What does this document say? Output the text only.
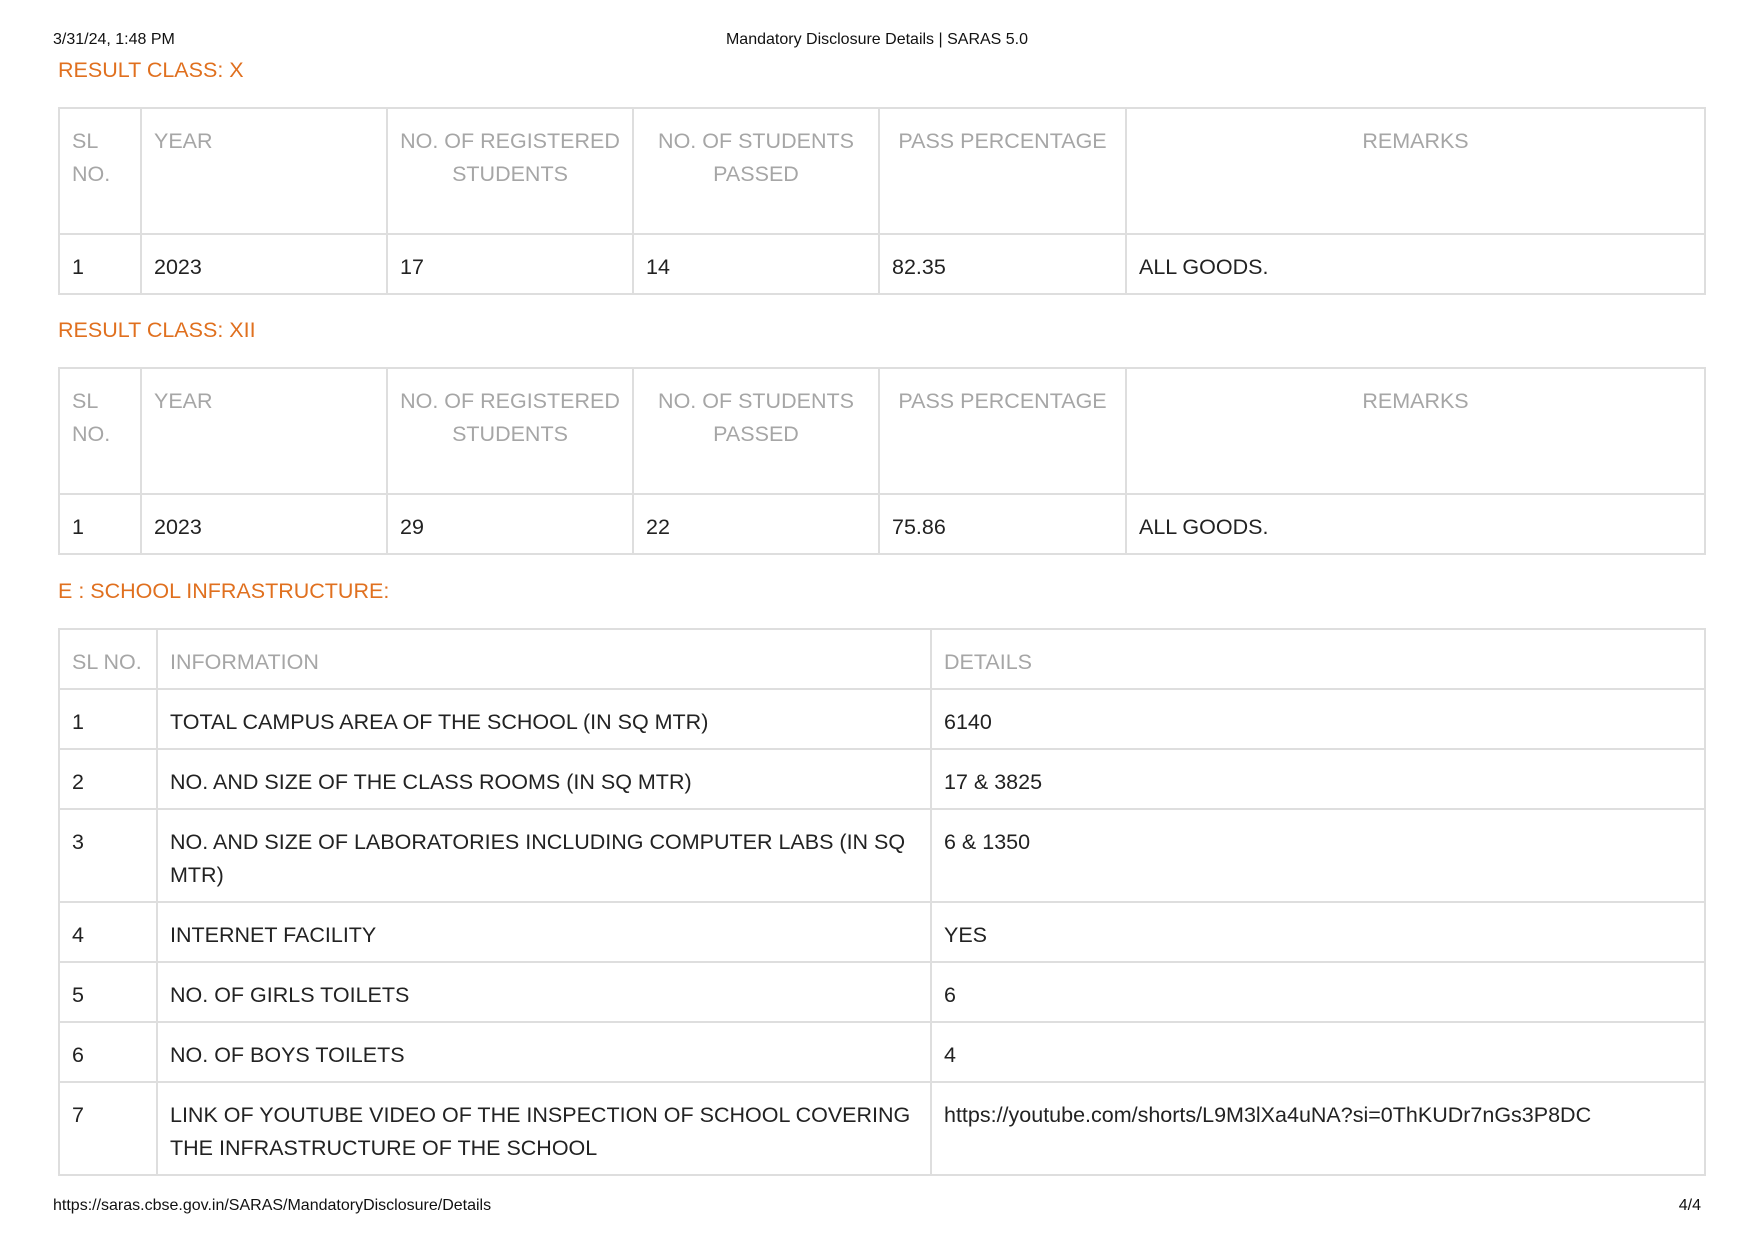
3/31/24, 1:48 PM	Mandatory Disclosure Details | SARAS 5.0
RESULT CLASS: X
SL NO.	YEAR	NO. OF REGISTERED STUDENTS	NO. OF STUDENTS PASSED	PASS PERCENTAGE	REMARKS
1	2023	17	14	82.35	ALL GOODS.
RESULT CLASS: XII
SL NO.	YEAR	NO. OF REGISTERED STUDENTS	NO. OF STUDENTS PASSED	PASS PERCENTAGE	REMARKS
1	2023	29	22	75.86	ALL GOODS.
E : SCHOOL INFRASTRUCTURE:
SL NO.	INFORMATION	DETAILS
1	TOTAL CAMPUS AREA OF THE SCHOOL (IN SQ MTR)	6140
2	NO. AND SIZE OF THE CLASS ROOMS (IN SQ MTR)	17 & 3825
3	NO. AND SIZE OF LABORATORIES INCLUDING COMPUTER LABS (IN SQ MTR)	6 & 1350
4	INTERNET FACILITY	YES
5	NO. OF GIRLS TOILETS	6
6	NO. OF BOYS TOILETS	4
7	LINK OF YOUTUBE VIDEO OF THE INSPECTION OF SCHOOL COVERING THE INFRASTRUCTURE OF THE SCHOOL	https://youtube.com/shorts/L9M3lXa4uNA?si=0ThKUDr7nGs3P8DC
https://saras.cbse.gov.in/SARAS/MandatoryDisclosure/Details	4/4
